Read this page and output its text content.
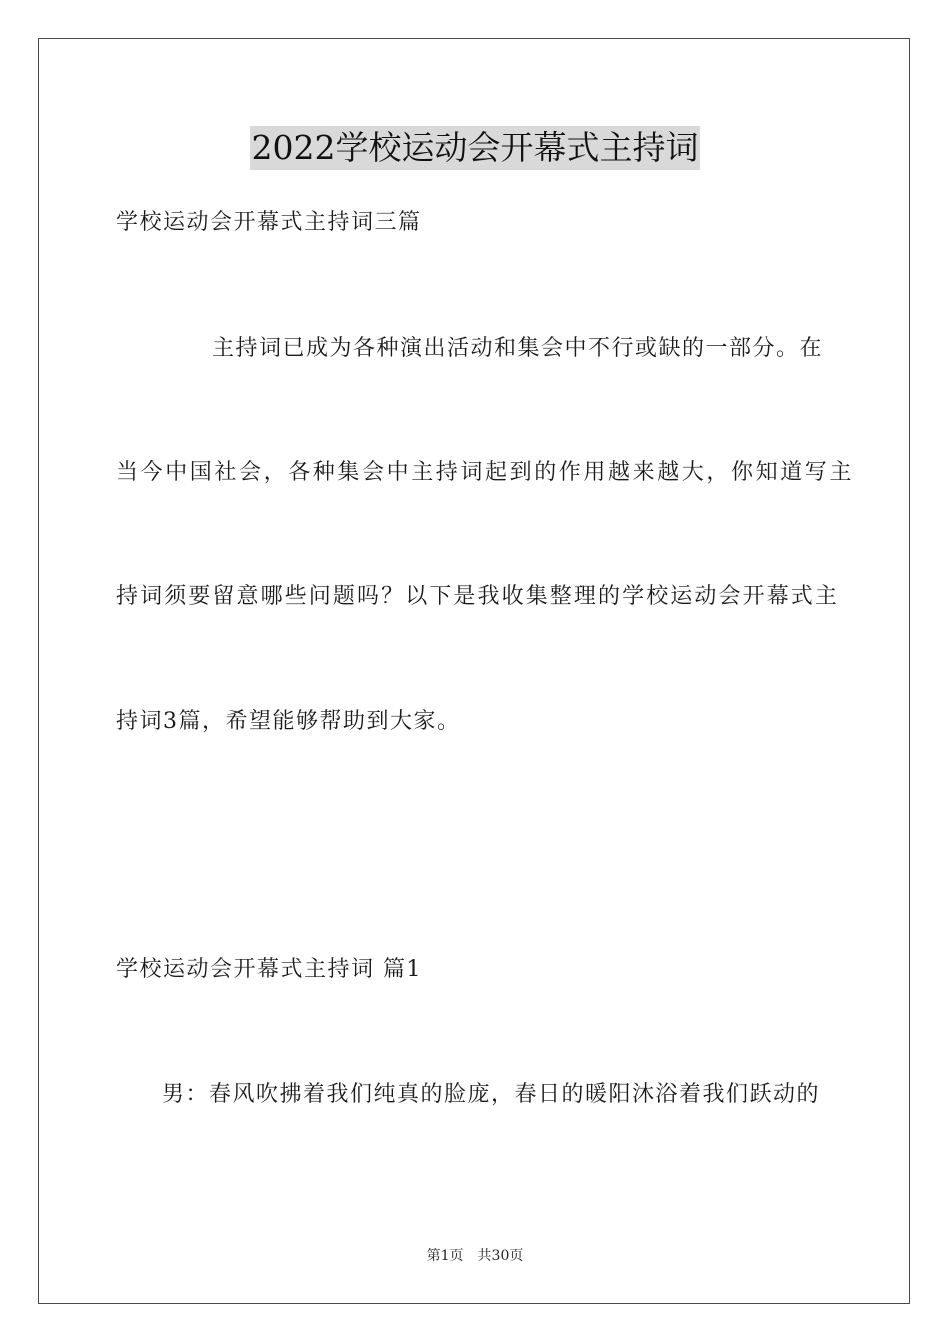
2022学校运动会开幕式主持词
学校运动会开幕式主持词三篇
主持词已成为各种演出活动和集会中不行或缺的一部分。在
当今中国社会，各种集会中主持词起到的作用越来越大，你知道写主
持词须要留意哪些问题吗？以下是我收集整理的学校运动会开幕式主
持词3篇，希望能够帮助到大家。
学校运动会开幕式主持词 篇1
男：春风吹拂着我们纯真的脸庞，春日的暖阳沐浴着我们跃动的
第1页 共30页
